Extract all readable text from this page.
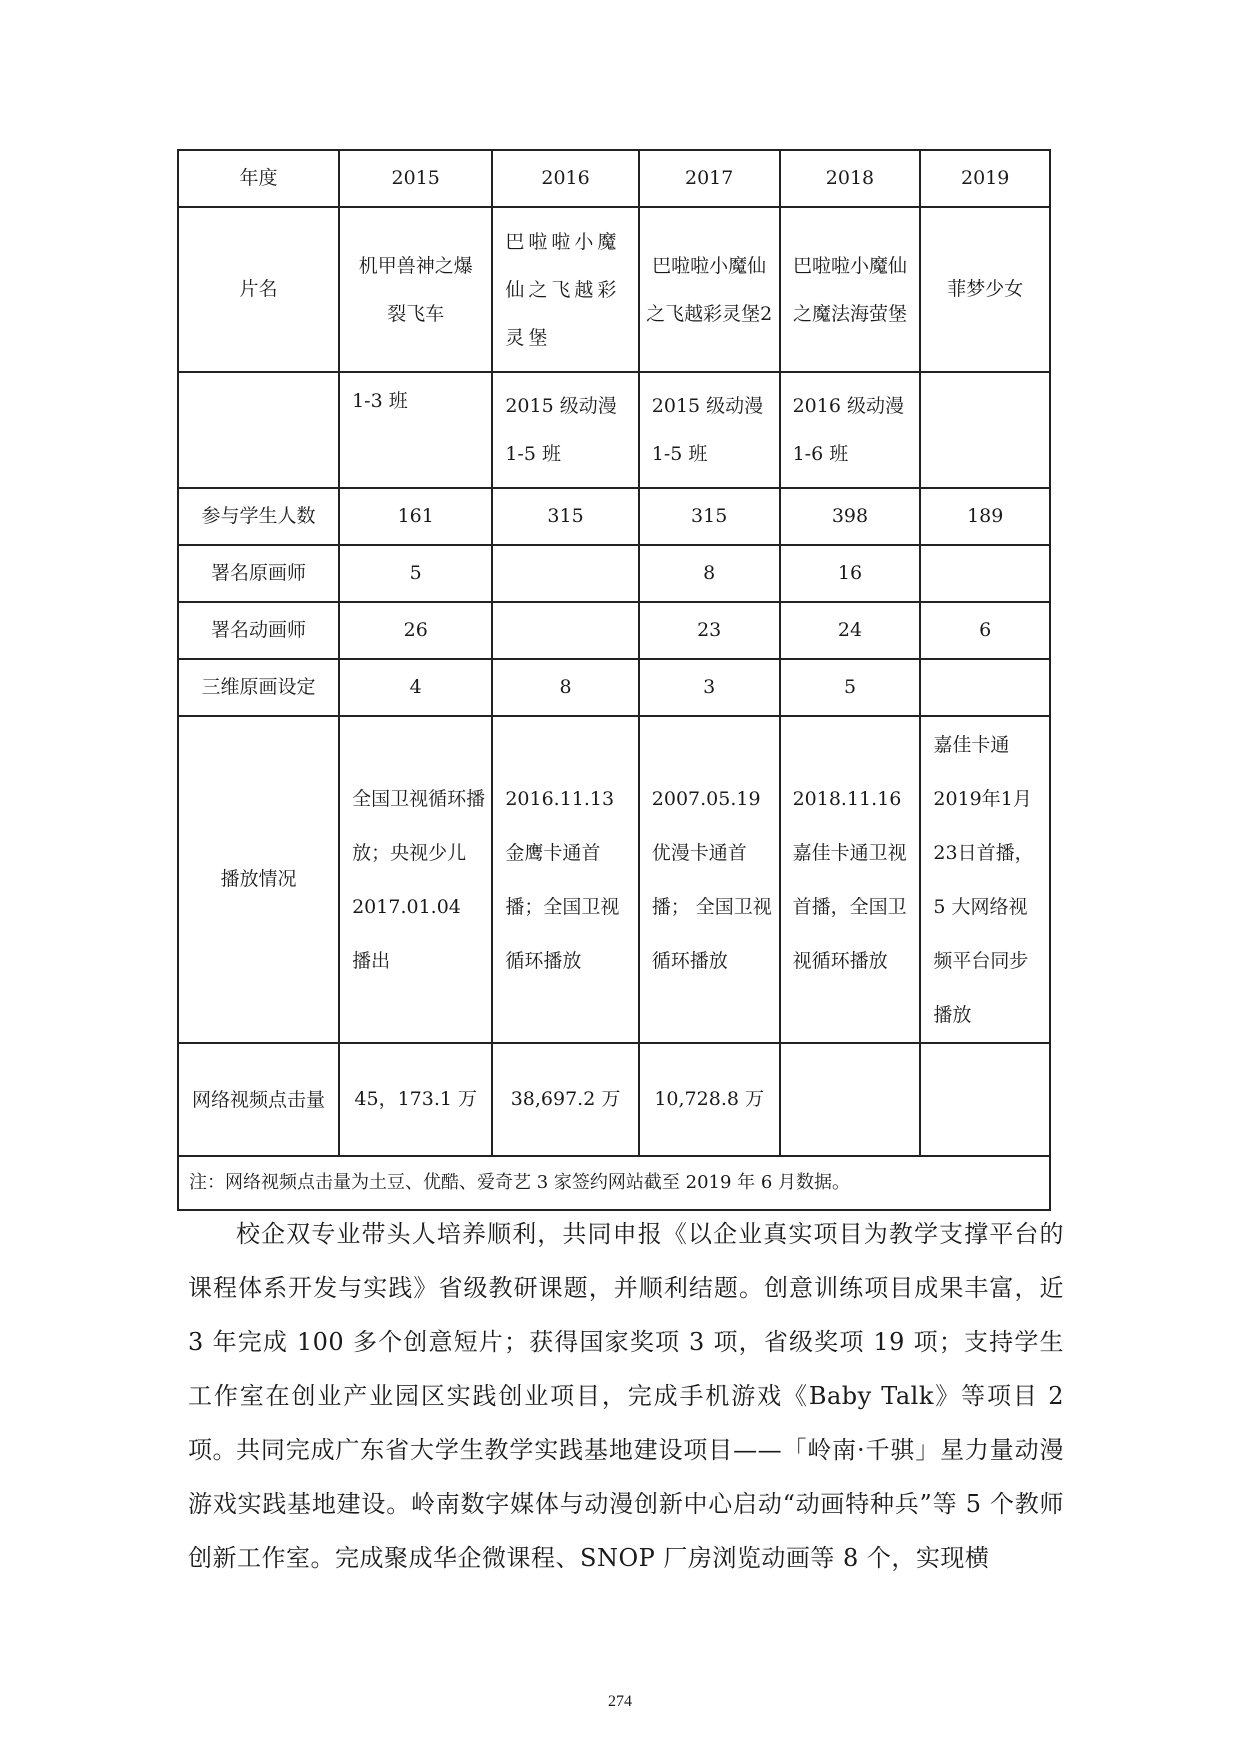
年度	2015	2016	2017	2018	2019
片名	机甲兽神之爆裂飞车	巴啦啦小魔仙之飞越彩灵堡	巴啦啦小魔仙之飞越彩灵堡2	巴啦啦小魔仙之魔法海萤堡	菲梦少女
	1-3 班	2015 级动漫 1-5 班	2015 级动漫 1-5 班	2016 级动漫 1-6 班	
参与学生人数	161	315	315	398	189
署名原画师	5		8	16	
署名动画师	26		23	24	6
三维原画设定	4	8	3	5	
播放情况	全国卫视循环播放；央视少儿 2017.01.04 播出	2016.11.13 金鹰卡通首播；全国卫视循环播放	2007.05.19 优漫卡通首播； 全国卫视循环播放	2018.11.16 嘉佳卡通卫视首播，全国卫视循环播放	嘉佳卡通 2019年1月23日首播，5 大网络视频平台同步播放
网络视频点击量	45，173.1 万	38,697.2 万	10,728.8 万		
注：网络视频点击量为土豆、优酷、爱奇艺 3 家签约网站截至 2019 年 6 月数据。					

校企双专业带头人培养顺利，共同申报《以企业真实项目为教学支撑平台的课程体系开发与实践》省级教研课题，并顺利结题。创意训练项目成果丰富，近 3 年完成 100 多个创意短片；获得国家奖项 3 项，省级奖项 19 项；支持学生工作室在创业产业园区实践创业项目，完成手机游戏《Baby Talk》等项目 2 项。 共同完成广东省大学生教学实践基地建设项目——「岭南·千骐」星力量动漫游戏实践基地建设。岭南数字媒体与动漫创新中心启动“动画特种兵”等 5 个教师创新工作室。完成聚成华企微课程、SNOP 厂房浏览动画等 8 个，实现横

274
